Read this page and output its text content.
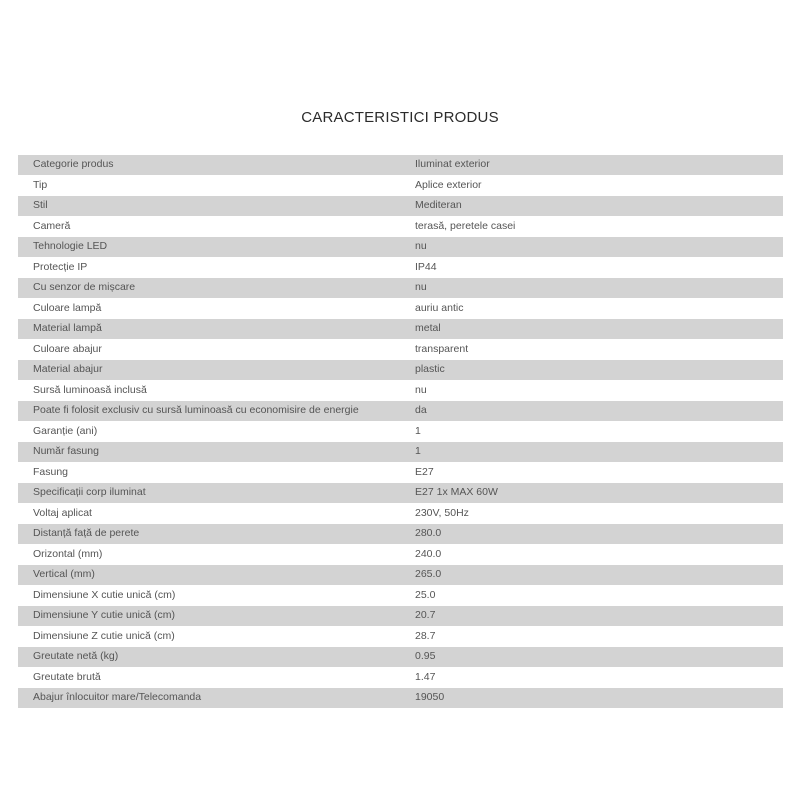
CARACTERISTICI PRODUS
Categorie produs	Iluminat exterior
Tip	Aplice exterior
Stil	Mediteran
Cameră	terasă, peretele casei
Tehnologie LED	nu
Protecție IP	IP44
Cu senzor de mișcare	nu
Culoare lampă	auriu antic
Material lampă	metal
Culoare abajur	transparent
Material abajur	plastic
Sursă luminoasă inclusă	nu
Poate fi folosit exclusiv cu sursă luminoasă cu economisire de energie	da
Garanție (ani)	1
Număr fasung	1
Fasung	E27
Specificații corp iluminat	E27 1x MAX 60W
Voltaj aplicat	230V, 50Hz
Distanță față de perete	280.0
Orizontal (mm)	240.0
Vertical (mm)	265.0
Dimensiune X cutie unică (cm)	25.0
Dimensiune Y cutie unică (cm)	20.7
Dimensiune Z cutie unică (cm)	28.7
Greutate netă (kg)	0.95
Greutate brută	1.47
Abajur înlocuitor mare/Telecomanda	19050
